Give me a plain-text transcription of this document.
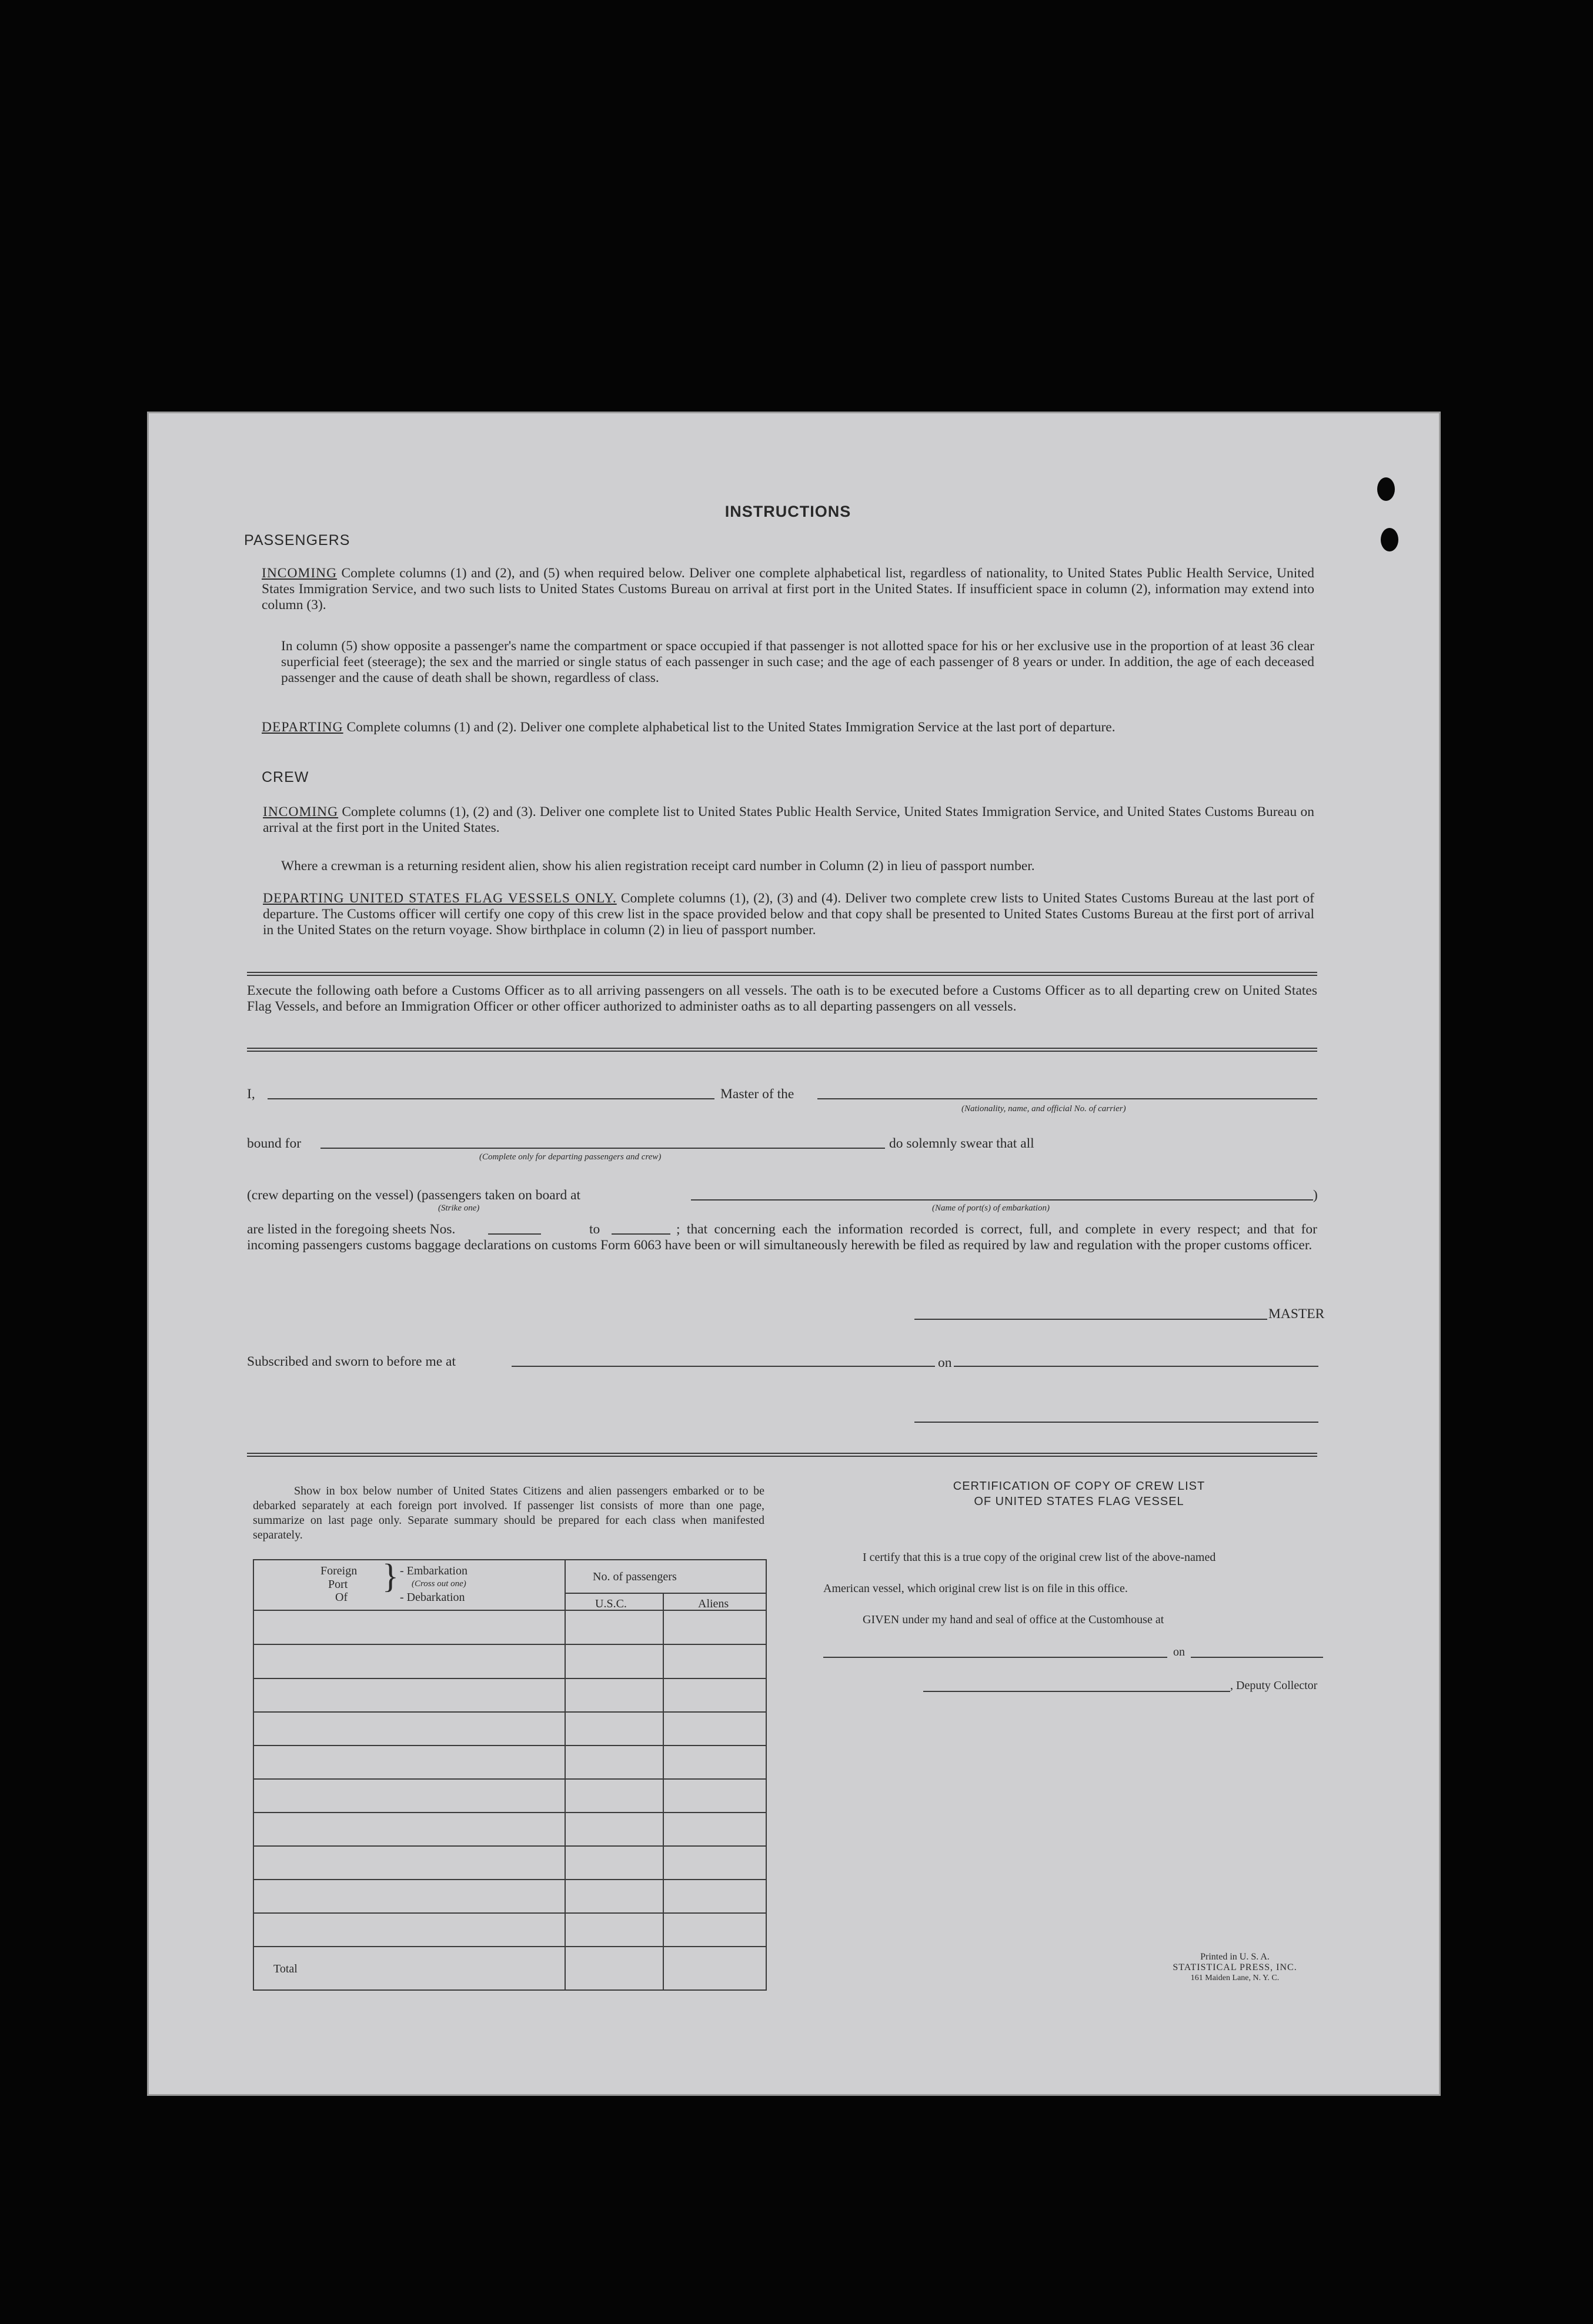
INSTRUCTIONS
PASSENGERS
INCOMING Complete columns (1) and (2), and (5) when required below. Deliver one complete alphabetical list, regardless of nationality, to United States Public Health Service, United States Immigration Service, and two such lists to United States Customs Bureau on arrival at first port in the United States. If insufficient space in column (2), information may extend into column (3).
In column (5) show opposite a passenger's name the compartment or space occupied if that passenger is not allotted space for his or her exclusive use in the proportion of at least 36 clear superficial feet (steerage); the sex and the married or single status of each passenger in such case; and the age of each passenger of 8 years or under. In addition, the age of each deceased passenger and the cause of death shall be shown, regardless of class.
DEPARTING Complete columns (1) and (2). Deliver one complete alphabetical list to the United States Immigration Service at the last port of departure.
CREW
INCOMING Complete columns (1), (2) and (3). Deliver one complete list to United States Public Health Service, United States Immigration Service, and United States Customs Bureau on arrival at the first port in the United States.
Where a crewman is a returning resident alien, show his alien registration receipt card number in Column (2) in lieu of passport number.
DEPARTING UNITED STATES FLAG VESSELS ONLY. Complete columns (1), (2), (3) and (4). Deliver two complete crew lists to United States Customs Bureau at the last port of departure. The Customs officer will certify one copy of this crew list in the space provided below and that copy shall be presented to United States Customs Bureau at the first port of arrival in the United States on the return voyage. Show birthplace in column (2) in lieu of passport number.
Execute the following oath before a Customs Officer as to all arriving passengers on all vessels. The oath is to be executed before a Customs Officer as to all departing crew on United States Flag Vessels, and before an Immigration Officer or other officer authorized to administer oaths as to all departing passengers on all vessels.
I,	Master of the
(Nationality, name, and official No. of carrier)
bound for	do solemnly swear that all
(Complete only for departing passengers and crew)
(crew departing on the vessel) (passengers taken on board at	)
(Strike one)	(Name of port(s) of embarkation)
are listed in the foregoing sheets Nos.	to	; that concerning each the information recorded is correct, full, and complete in every respect; and that for incoming passengers customs baggage declarations on customs Form 6063 have been or will simultaneously herewith be filed as required by law and regulation with the proper customs officer.
MASTER
Subscribed and sworn to before me at	on
Show in box below number of United States Citizens and alien passengers embarked or to be debarked separately at each foreign port involved. If passenger list consists of more than one page, summarize on last page only. Separate summary should be prepared for each class when manifested separately.
Foreign
Port
Of
} - Embarkation
(Cross out one)
- Debarkation
No. of passengers
U.S.C.	Aliens
Total
CERTIFICATION OF COPY OF CREW LIST
OF UNITED STATES FLAG VESSEL
I certify that this is a true copy of the original crew list of the above-named
American vessel, which original crew list is on file in this office.
GIVEN under my hand and seal of office at the Customhouse at
on
, Deputy Collector
Printed in U. S. A.
STATISTICAL PRESS, INC.
161 Maiden Lane, N. Y. C.
